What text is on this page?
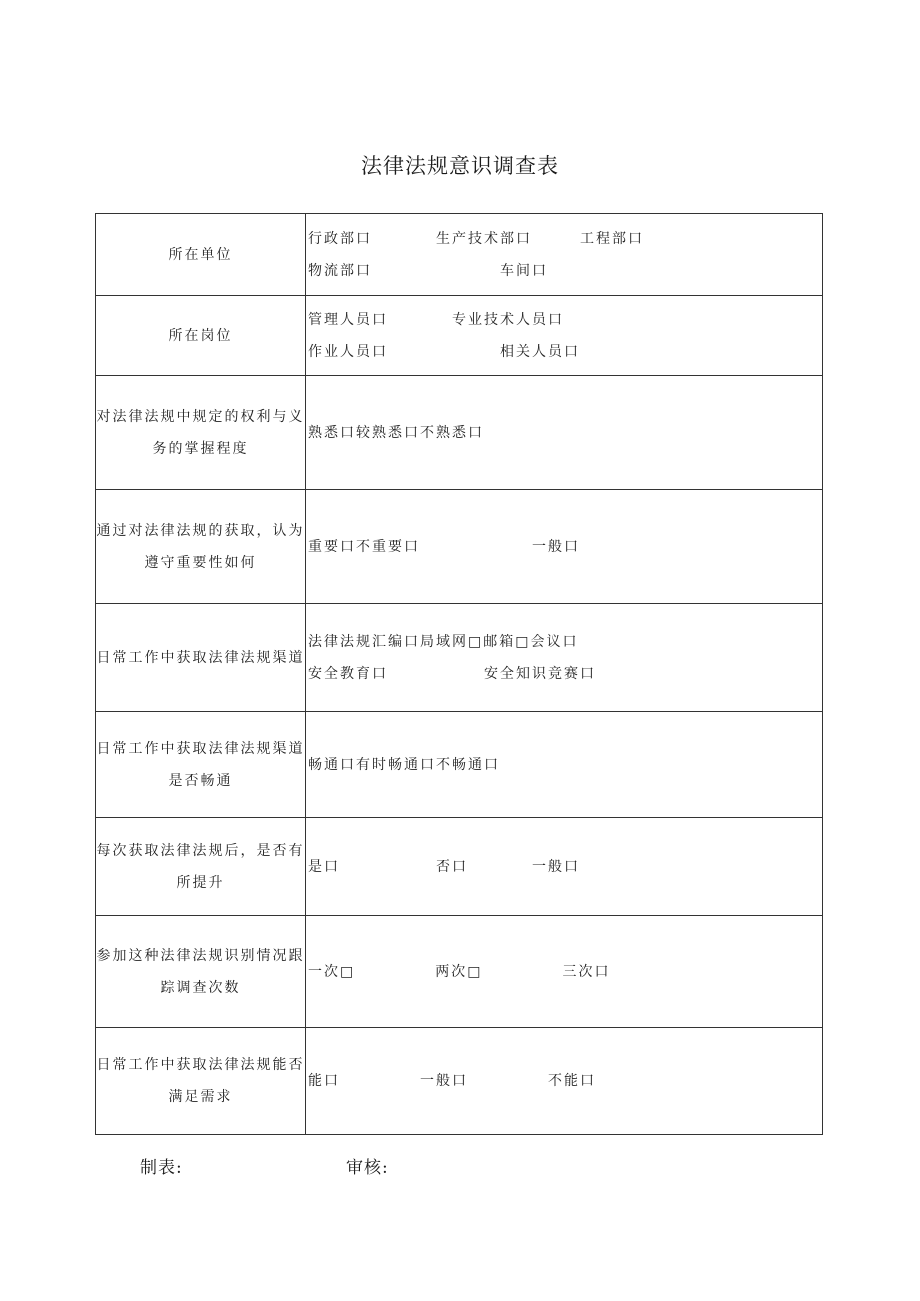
法律法规意识调查表
所在单位	行政部口　　　　生产技术部口　　　工程部口
物流部口　　　　　　　　车间口

所在岗位	管理人员口　　　　专业技术人员口
作业人员口　　　　　　　相关人员口

对法律法规中规定的权利与义务的掌握程度	熟悉口较熟悉口不熟悉口

通过对法律法规的获取，认为遵守重要性如何	重要口不重要口　　　　　　　一般口

日常工作中获取法律法规渠道	法律法规汇编口局域网□邮箱□会议口
安全教育口　　　　　　安全知识竞赛口

日常工作中获取法律法规渠道是否畅通	畅通口有时畅通口不畅通口

每次获取法律法规后，是否有所提升	是口　　　　　　否口　　　　一般口

参加这种法律法规识别情况跟踪调查次数	一次□　　　　　两次□　　　　　三次口

日常工作中获取法律法规能否满足需求	能口　　　　　一般口　　　　　不能口
制表:	审核:
